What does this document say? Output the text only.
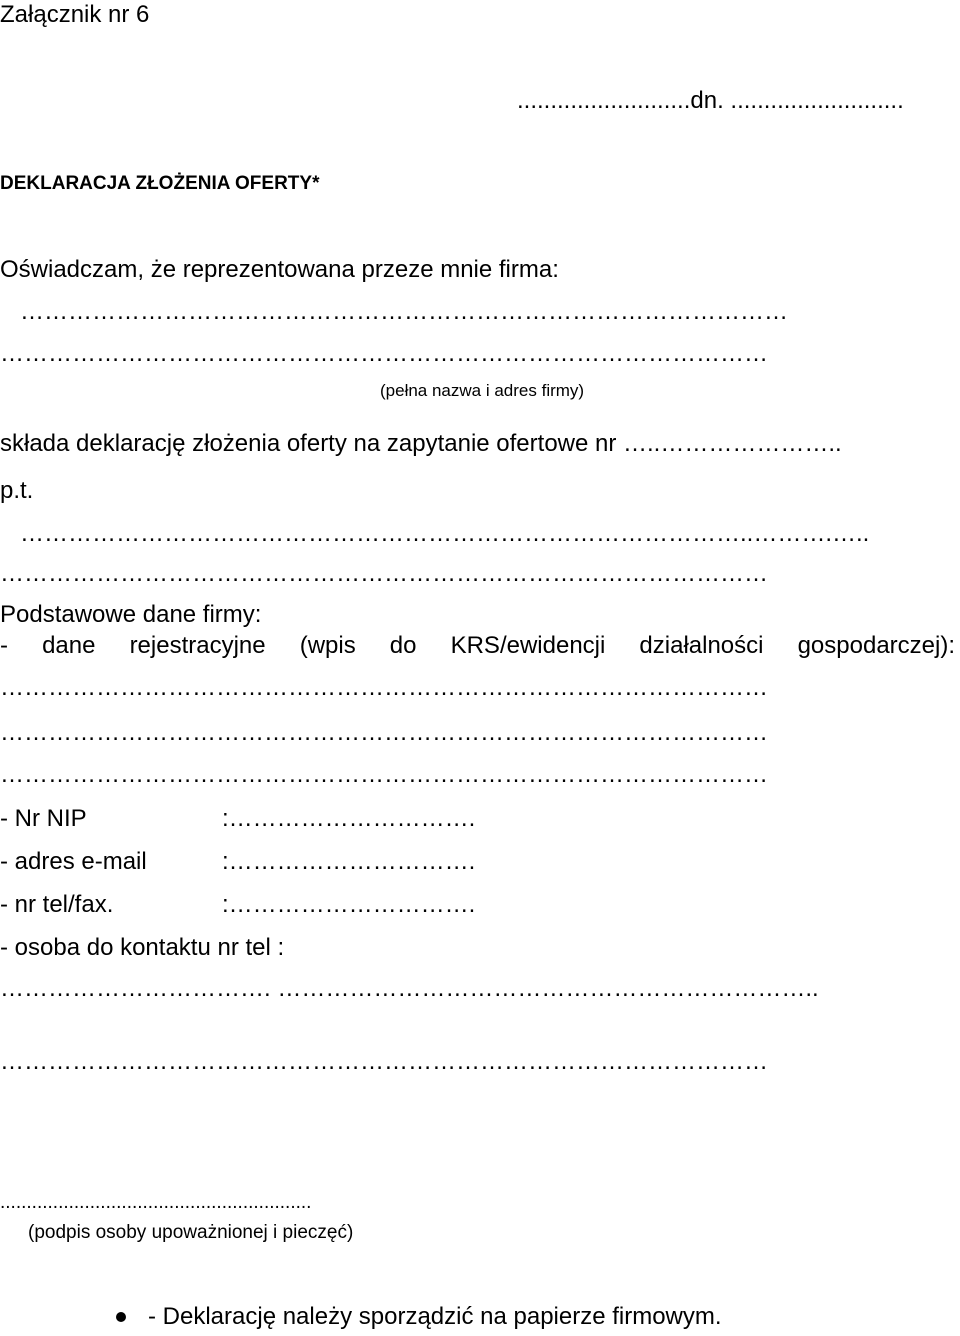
Załącznik nr 6
..........................dn. ..........................
DEKLARACJA ZŁOŻENIA OFERTY*
Oświadczam, że reprezentowana przeze mnie firma:
……………………………………………………………………………………
……………………………………………………………………………………
(pełna nazwa i adres firmy)
składa deklarację złożenia oferty na zapytanie ofertowe nr …..…………………..
p.t.
………………………………………………………………………………..……….…..
……………………………………………………………………………………
Podstawowe dane firmy:
- dane rejestracyjne (wpis do KRS/ewidencji działalności gospodarczej):
……………………………………………………………………………………
……………………………………………………………………………………
……………………………………………………………………………………
- Nr NIP	:………………………….
- adres e-mail	:………………………….
- nr tel/fax.	:………………………….
- osoba do kontaktu nr tel :
……………………………. …………………………………………………………..
……………………………………………………………………………………
...........................................................
(podpis osoby upoważnionej i pieczęć)
- Deklarację należy sporządzić na papierze firmowym.
